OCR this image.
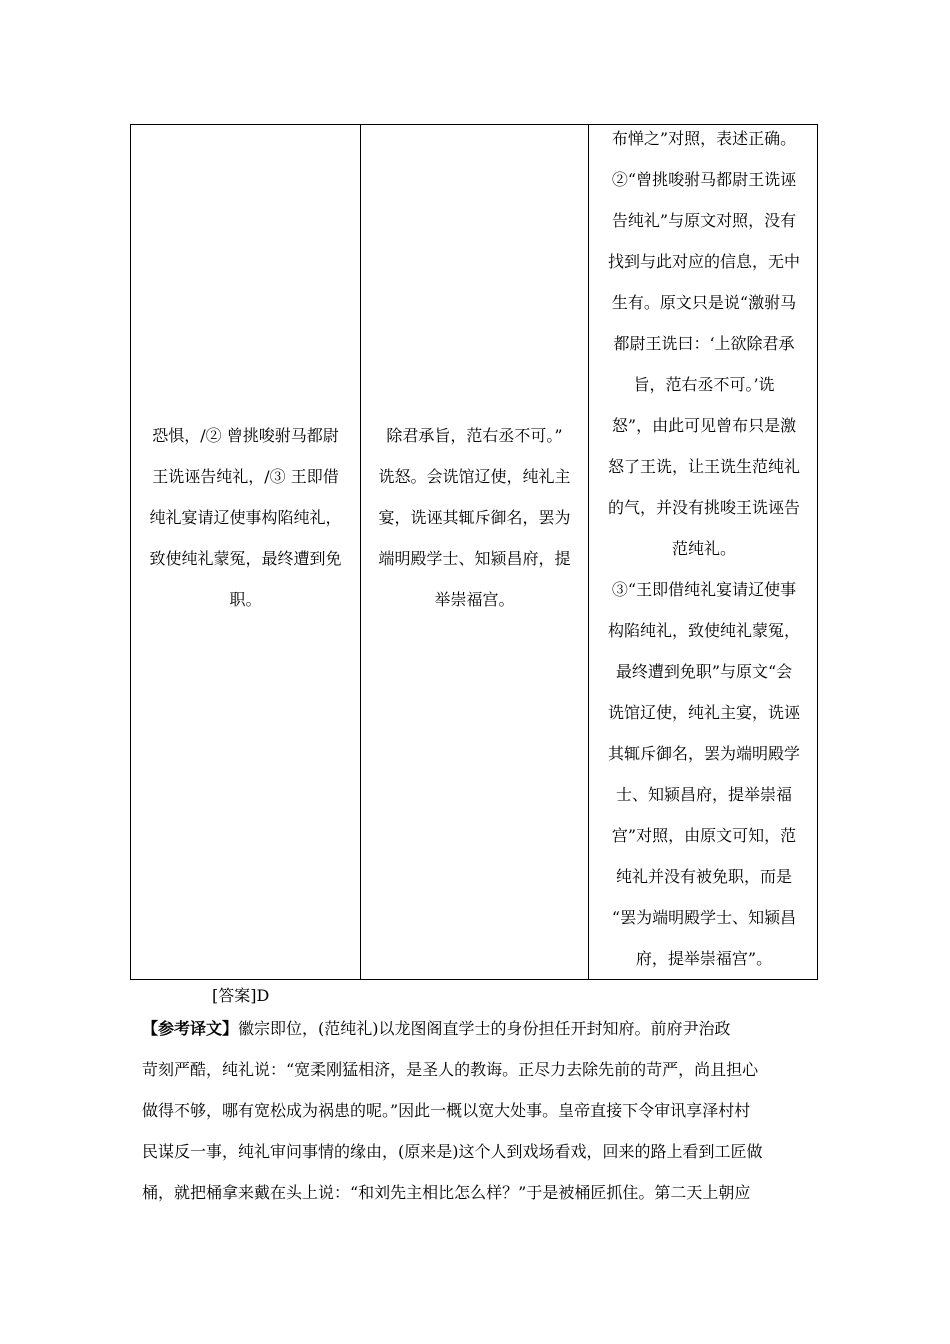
恐惧，/② 曾挑唆驸马都尉
王诜诬告纯礼，/③ 王即借
纯礼宴请辽使事构陷纯礼，
致使纯礼蒙冤，最终遭到免
职。
除君承旨，范右丞不可。”
诜怒。会诜馆辽使，纯礼主
宴，诜诬其辄斥御名，罢为
端明殿学士、知颍昌府，提
举崇福宫。
布惮之”对照，表述正确。
②“曾挑唆驸马都尉王诜诬
告纯礼”与原文对照，没有
找到与此对应的信息，无中
生有。原文只是说“激驸马
都尉王诜曰：‘上欲除君承
旨，范右丞不可。’诜
怒”，由此可见曾布只是激
怒了王诜，让王诜生范纯礼
的气，并没有挑唆王诜诬告
范纯礼。
③“王即借纯礼宴请辽使事
构陷纯礼，致使纯礼蒙冤，
最终遭到免职”与原文“会
诜馆辽使，纯礼主宴，诜诬
其辄斥御名，罢为端明殿学
士、知颍昌府，提举崇福
宫”对照，由原文可知，范
纯礼并没有被免职，而是
“罢为端明殿学士、知颍昌
府，提举崇福宫”。
[答案]D
【参考译文】徽宗即位，(范纯礼)以龙图阁直学士的身份担任开封知府。前府尹治政
苛刻严酷，纯礼说：“宽柔刚猛相济，是圣人的教诲。正尽力去除先前的苛严，尚且担心
做得不够，哪有宽松成为祸患的呢。”因此一概以宽大处事。皇帝直接下令审讯享泽村村
民谋反一事，纯礼审问事情的缘由，(原来是)这个人到戏场看戏，回来的路上看到工匠做
桶，就把桶拿来戴在头上说：“和刘先主相比怎么样？”于是被桶匠抓住。第二天上朝应
